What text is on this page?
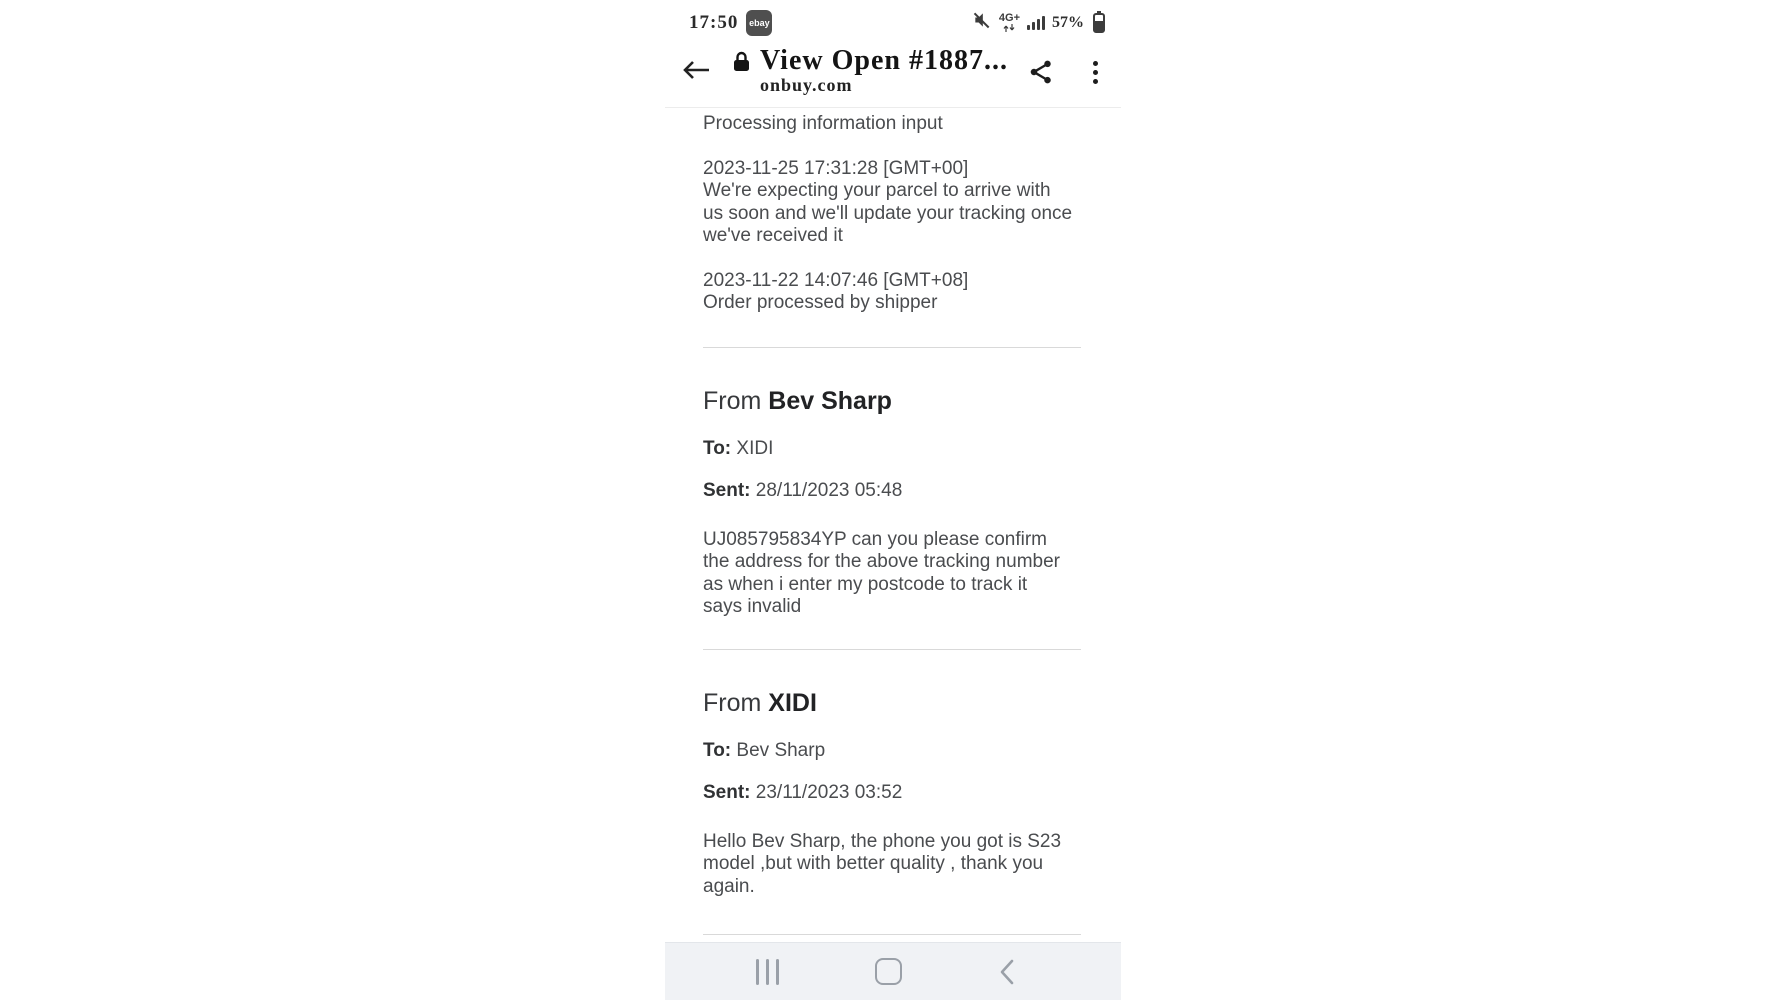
17:50 ebay	4G+ 57%
View Open #1887...
onbuy.com

Processing information input

2023-11-25 17:31:28 [GMT+00]
We're expecting your parcel to arrive with us soon and we'll update your tracking once we've received it
2023-11-22 14:07:46 [GMT+08]
Order processed by shipper
From Bev Sharp

To: XIDI

Sent: 28/11/2023 05:48

UJ085795834YP can you please confirm the address for the above tracking number as when i enter my postcode to track it says invalid

From XIDI

To: Bev Sharp

Sent: 23/11/2023 03:52

Hello Bev Sharp, the phone you got is S23 model ,but with better quality , thank you again.
